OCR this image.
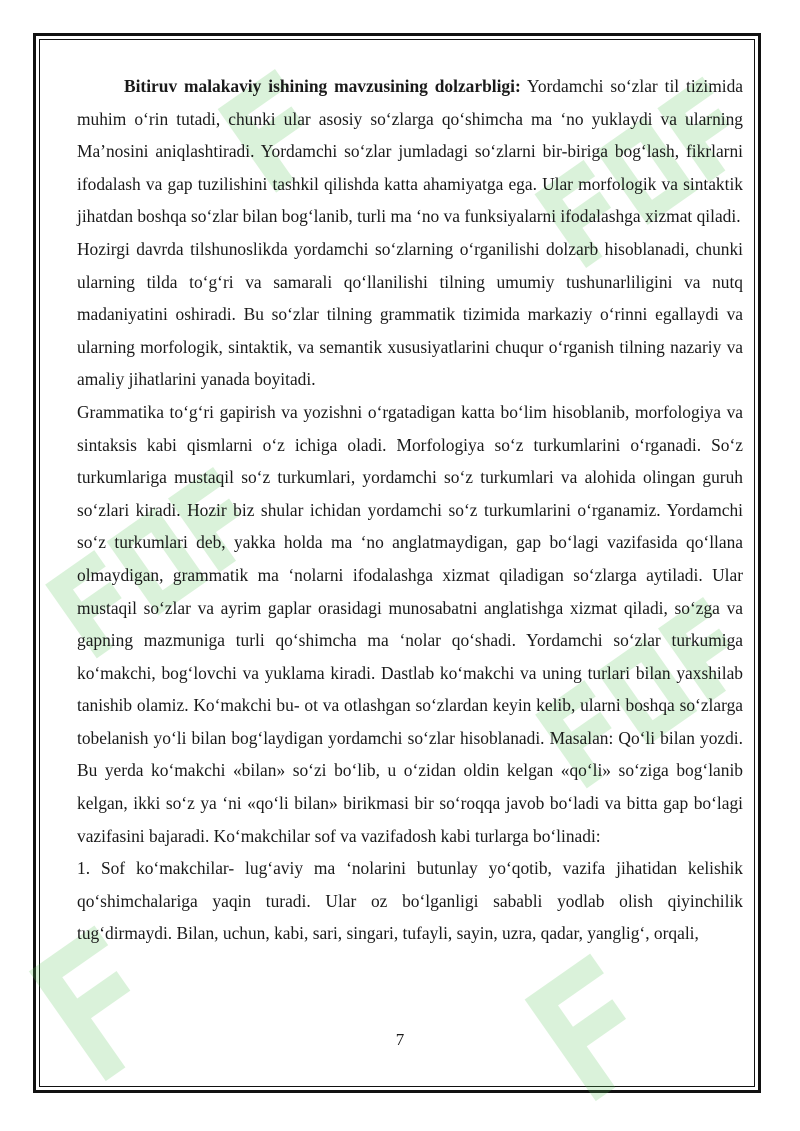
Bitiruv malakaviy ishining mavzusining dolzarbligi: Yordamchi so‘zlar til tizimida muhim o‘rin tutadi, chunki ular asosiy so‘zlarga qo‘shimcha ma ‘no yuklaydi va ularning Ma’nosini aniqlashtiradi. Yordamchi so‘zlar jumladagi so‘zlarni bir-biriga bog‘lash, fikrlarni ifodalash va gap tuzilishini tashkil qilishda katta ahamiyatga ega. Ular morfologik va sintaktik jihatdan boshqa so‘zlar bilan bog‘lanib, turli ma ‘no va funksiyalarni ifodalashga xizmat qiladi.

Hozirgi davrda tilshunoslikda yordamchi so‘zlarning o‘rganilishi dolzarb hisoblanadi, chunki ularning tilda to‘g‘ri va samarali qo‘llanilishi tilning umumiy tushunarliligini va nutq madaniyatini oshiradi. Bu so‘zlar tilning grammatik tizimida markaziy o‘rinni egallaydi va ularning morfologik, sintaktik, va semantik xususiyatlarini chuqur o‘rganish tilning nazariy va amaliy jihatlarini yanada boyitadi.

Grammatika to‘g‘ri gapirish va yozishni o‘rgatadigan katta bo‘lim hisoblanib, morfologiya va sintaksis kabi qismlarni o‘z ichiga oladi. Morfologiya so‘z turkumlarini o‘rganadi. So‘z turkumlariga mustaqil so‘z turkumlari, yordamchi so‘z turkumlari va alohida olingan guruh so‘zlari kiradi. Hozir biz shular ichidan yordamchi so‘z turkumlarini o‘rganamiz. Yordamchi so‘z turkumlari deb, yakka holda ma ‘no anglatmaydigan, gap bo‘lagi vazifasida qo‘llana olmaydigan, grammatik ma ‘nolarni ifodalashga xizmat qiladigan so‘zlarga aytiladi. Ular mustaqil so‘zlar va ayrim gaplar orasidagi munosabatni anglatishga xizmat qiladi, so‘zga va gapning mazmuniga turli qo‘shimcha ma ‘nolar qo‘shadi. Yordamchi so‘zlar turkumiga ko‘makchi, bog‘lovchi va yuklama kiradi. Dastlab ko‘makchi va uning turlari bilan yaxshilab tanishib olamiz. Ko‘makchi bu- ot va otlashgan so‘zlardan keyin kelib, ularni boshqa so‘zlarga tobelanish yo‘li bilan bog‘laydigan yordamchi so‘zlar hisoblanadi. Masalan: Qo‘li bilan yozdi. Bu yerda ko‘makchi «bilan» so‘zi bo‘lib, u o‘zidan oldin kelgan «qo‘li» so‘ziga bog‘lanib kelgan, ikki so‘z ya ‘ni «qo‘li bilan» birikmasi bir so‘roqqa javob bo‘ladi va bitta gap bo‘lagi vazifasini bajaradi. Ko‘makchilar sof va vazifadosh kabi turlarga bo‘linadi:

1. Sof ko‘makchilar- lug‘aviy ma ‘nolarini butunlay yo‘qotib, vazifa jihatidan kelishik qo‘shimchalariga yaqin turadi. Ular oz bo‘lganligi sababli yodlab olish qiyinchilik tug‘dirmaydi. Bilan, uchun, kabi, sari, singari, tufayli, sayin, uzra, qadar, yanglig‘, orqali,

7
